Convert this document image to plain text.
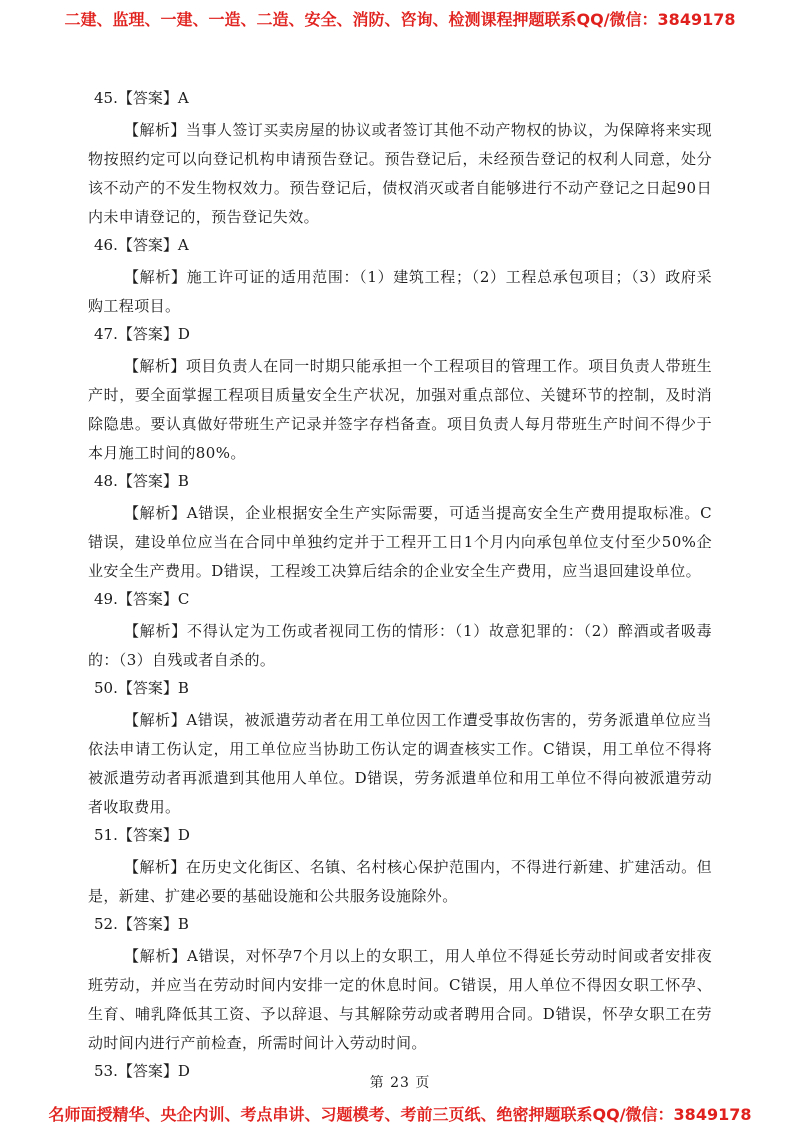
二建、监理、一建、一造、二造、安全、消防、咨询、检测课程押题联系QQ/微信：3849178
45.【答案】A
【解析】当事人签订买卖房屋的协议或者签订其他不动产物权的协议，为保障将来实现物按照约定可以向登记机构申请预告登记。预告登记后，未经预告登记的权利人同意，处分该不动产的不发生物权效力。预告登记后，债权消灭或者自能够进行不动产登记之日起90日内未申请登记的，预告登记失效。
46.【答案】A
【解析】施工许可证的适用范围：（1）建筑工程；（2）工程总承包项目；（3）政府采购工程项目。
47.【答案】D
【解析】项目负责人在同一时期只能承担一个工程项目的管理工作。项目负责人带班生产时，要全面掌握工程项目质量安全生产状况，加强对重点部位、关键环节的控制，及时消除隐患。要认真做好带班生产记录并签字存档备查。项目负责人每月带班生产时间不得少于本月施工时间的80%。
48.【答案】B
【解析】A错误，企业根据安全生产实际需要，可适当提高安全生产费用提取标准。C错误，建设单位应当在合同中单独约定并于工程开工日1个月内向承包单位支付至少50%企业安全生产费用。D错误，工程竣工决算后结余的企业安全生产费用，应当退回建设单位。
49.【答案】C
【解析】不得认定为工伤或者视同工伤的情形：（1）故意犯罪的：（2）醉酒或者吸毒的：（3）自残或者自杀的。
50.【答案】B
【解析】A错误，被派遣劳动者在用工单位因工作遭受事故伤害的，劳务派遣单位应当依法申请工伤认定，用工单位应当协助工伤认定的调查核实工作。C错误，用工单位不得将被派遣劳动者再派遣到其他用人单位。D错误，劳务派遣单位和用工单位不得向被派遣劳动者收取费用。
51.【答案】D
【解析】在历史文化街区、名镇、名村核心保护范围内，不得进行新建、扩建活动。但是，新建、扩建必要的基础设施和公共服务设施除外。
52.【答案】B
【解析】A错误，对怀孕7个月以上的女职工，用人单位不得延长劳动时间或者安排夜班劳动，并应当在劳动时间内安排一定的休息时间。C错误，用人单位不得因女职工怀孕、生育、哺乳降低其工资、予以辞退、与其解除劳动或者聘用合同。D错误，怀孕女职工在劳动时间内进行产前检查，所需时间计入劳动时间。
53.【答案】D
第 23 页
名师面授精华、央企内训、考点串讲、习题模考、考前三页纸、绝密押题联系QQ/微信：3849178
